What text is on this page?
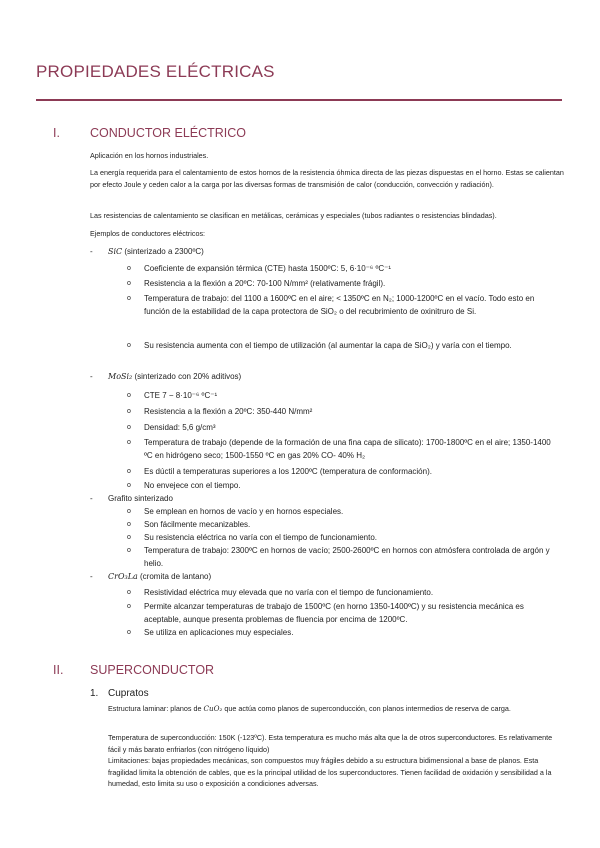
PROPIEDADES ELÉCTRICAS
I.	CONDUCTOR ELÉCTRICO
Aplicación en los hornos industriales.
La energía requerida para el calentamiento de estos hornos de la resistencia óhmica directa de las piezas dispuestas en el horno. Estas se calientan por efecto Joule y ceden calor a la carga por las diversas formas de transmisión de calor (conducción, convección y radiación).
Las resistencias de calentamiento se clasifican en metálicas, cerámicas y especiales (tubos radiantes o resistencias blindadas).
Ejemplos de conductores eléctricos:
- SiC (sinterizado a 2300ºC)
o	Coeficiente de expansión térmica (CTE) hasta 1500ºC: 5, 6·10⁻⁶ ºC⁻¹
o	Resistencia a la flexión a 20ºC: 70-100 N/mm² (relativamente frágil).
o	Temperatura de trabajo: del 1100 a 1600ºC en el aire; < 1350ºC en N₂; 1000-1200ºC en el vacío. Todo esto en función de la estabilidad de la capa protectora de SiO₂ o del recubrimiento de oxinitruro de Si.
o	Su resistencia aumenta con el tiempo de utilización (al aumentar la capa de SiO₂) y varía con el tiempo.
- MoSi₂ (sinterizado con 20% aditivos)
o	CTE 7 − 8·10⁻⁶ ºC⁻¹
o	Resistencia a la flexión a 20ºC: 350-440 N/mm²
o	Densidad: 5,6 g/cm³
o	Temperatura de trabajo (depende de la formación de una fina capa de silicato): 1700-1800ºC en el aire; 1350-1400 ºC en hidrógeno seco; 1500-1550 ºC en gas 20% CO- 40% H₂
o	Es dúctil a temperaturas superiores a los 1200ºC (temperatura de conformación).
o	No envejece con el tiempo.
- Grafito sinterizado
o	Se emplean en hornos de vacío y en hornos especiales.
o	Son fácilmente mecanizables.
o	Su resistencia eléctrica no varía con el tiempo de funcionamiento.
o	Temperatura de trabajo: 2300ºC en hornos de vacío; 2500-2600ºC en hornos con atmósfera controlada de argón y helio.
- CrO₃La (cromita de lantano)
o	Resistividad eléctrica muy elevada que no varía con el tiempo de funcionamiento.
o	Permite alcanzar temperaturas de trabajo de 1500ºC (en horno 1350-1400ºC) y su resistencia mecánica es aceptable, aunque presenta problemas de fluencia por encima de 1200ºC.
o	Se utiliza en aplicaciones muy especiales.
II.	SUPERCONDUCTOR
1. Cupratos
Estructura laminar: planos de CuO₂ que actúa como planos de superconducción, con planos intermedios de reserva de carga.
Temperatura de superconducción: 150K (-123ºC). Esta temperatura es mucho más alta que la de otros superconductores. Es relativamente fácil y más barato enfriarlos (con nitrógeno líquido)
Limitaciones: bajas propiedades mecánicas, son compuestos muy frágiles debido a su estructura bidimensional a base de planos. Esta fragilidad limita la obtención de cables, que es la principal utilidad de los superconductores. Tienen facilidad de oxidación y sensibilidad a la humedad, esto limita su uso o exposición a condiciones adversas.
